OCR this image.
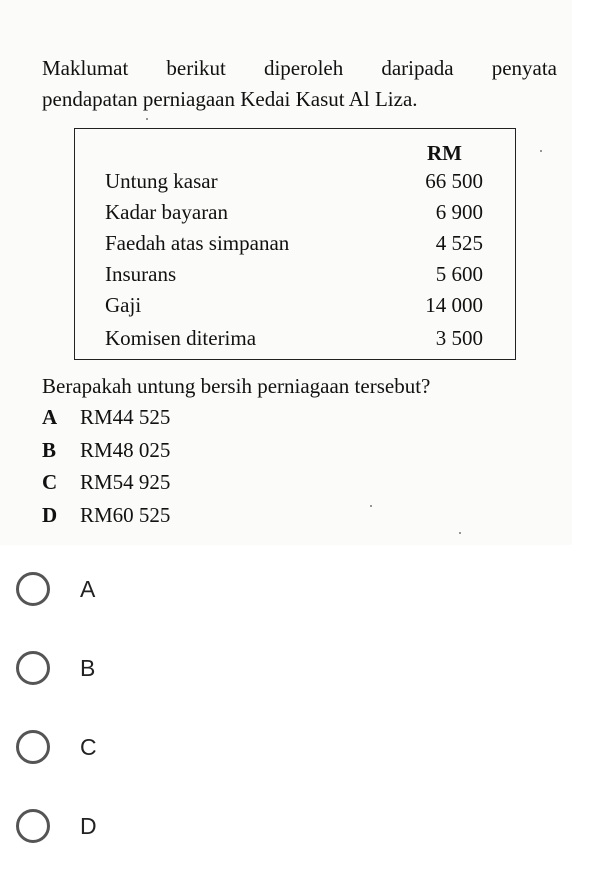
Maklumat berikut diperoleh daripada penyata
pendapatan perniagaan Kedai Kasut Al Liza.
RM
Untung kasar	66 500
Kadar bayaran	6 900
Faedah atas simpanan	4 525
Insurans	5 600
Gaji	14 000
Komisen diterima	3 500
Berapakah untung bersih perniagaan tersebut?
A RM44 525
B RM48 025
C RM54 925
D RM60 525
A
B
C
D
